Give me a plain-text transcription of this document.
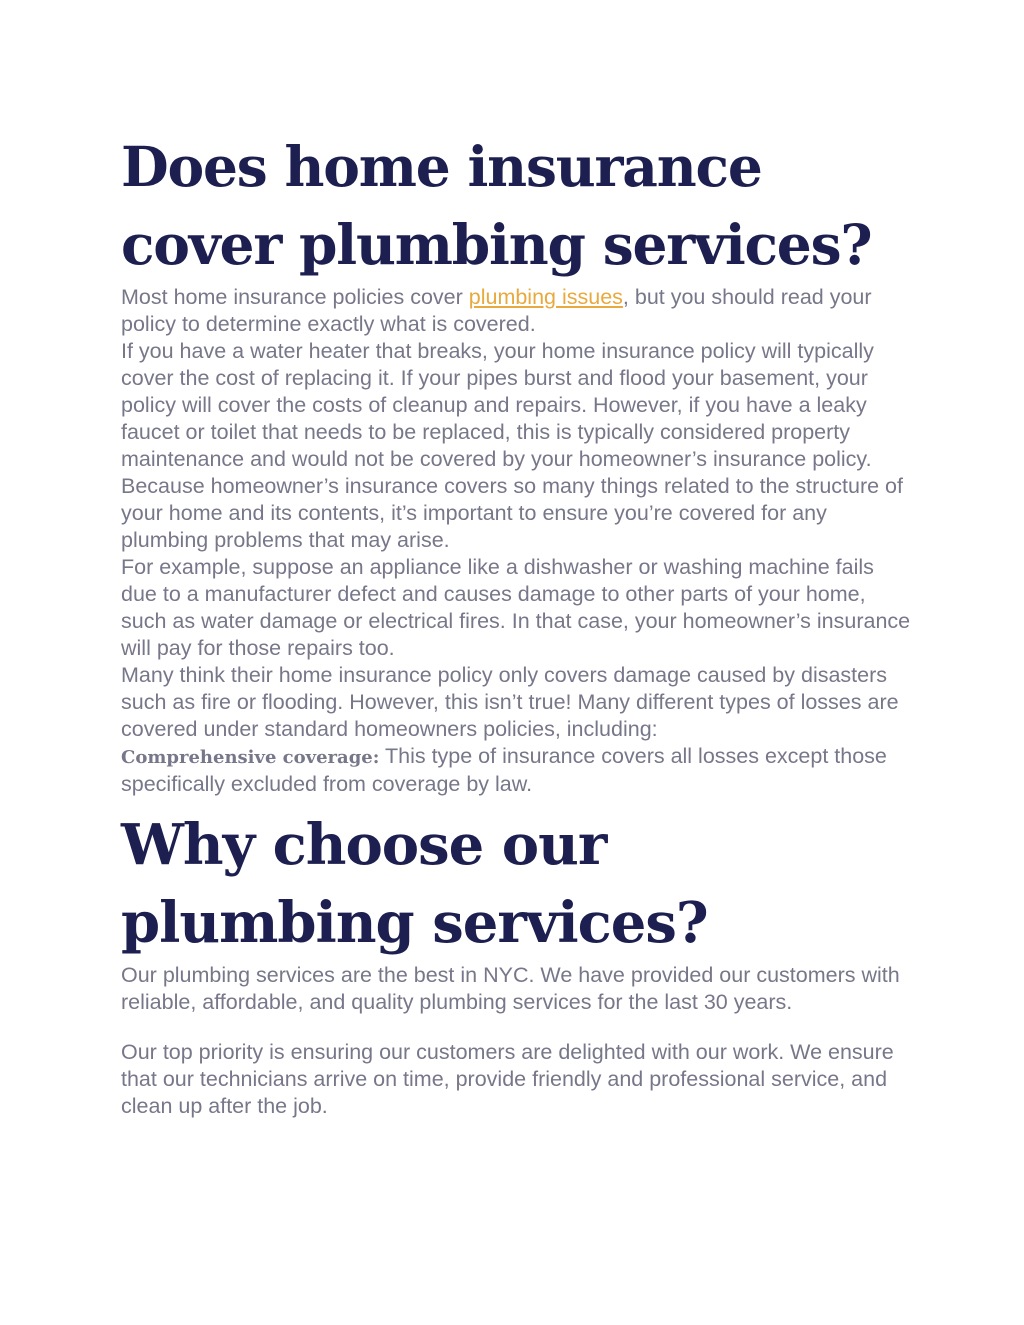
Does home insurance cover plumbing services?

Most home insurance policies cover plumbing issues, but you should read your policy to determine exactly what is covered.

If you have a water heater that breaks, your home insurance policy will typically cover the cost of replacing it. If your pipes burst and flood your basement, your policy will cover the costs of cleanup and repairs. However, if you have a leaky faucet or toilet that needs to be replaced, this is typically considered property maintenance and would not be covered by your homeowner’s insurance policy.

Because homeowner’s insurance covers so many things related to the structure of your home and its contents, it’s important to ensure you’re covered for any plumbing problems that may arise.

For example, suppose an appliance like a dishwasher or washing machine fails due to a manufacturer defect and causes damage to other parts of your home, such as water damage or electrical fires. In that case, your homeowner’s insurance will pay for those repairs too.

Many think their home insurance policy only covers damage caused by disasters such as fire or flooding. However, this isn’t true! Many different types of losses are covered under standard homeowners policies, including:

Comprehensive coverage: This type of insurance covers all losses except those specifically excluded from coverage by law.

Why choose our plumbing services?

Our plumbing services are the best in NYC. We have provided our customers with reliable, affordable, and quality plumbing services for the last 30 years.

Our top priority is ensuring our customers are delighted with our work. We ensure that our technicians arrive on time, provide friendly and professional service, and clean up after the job.
